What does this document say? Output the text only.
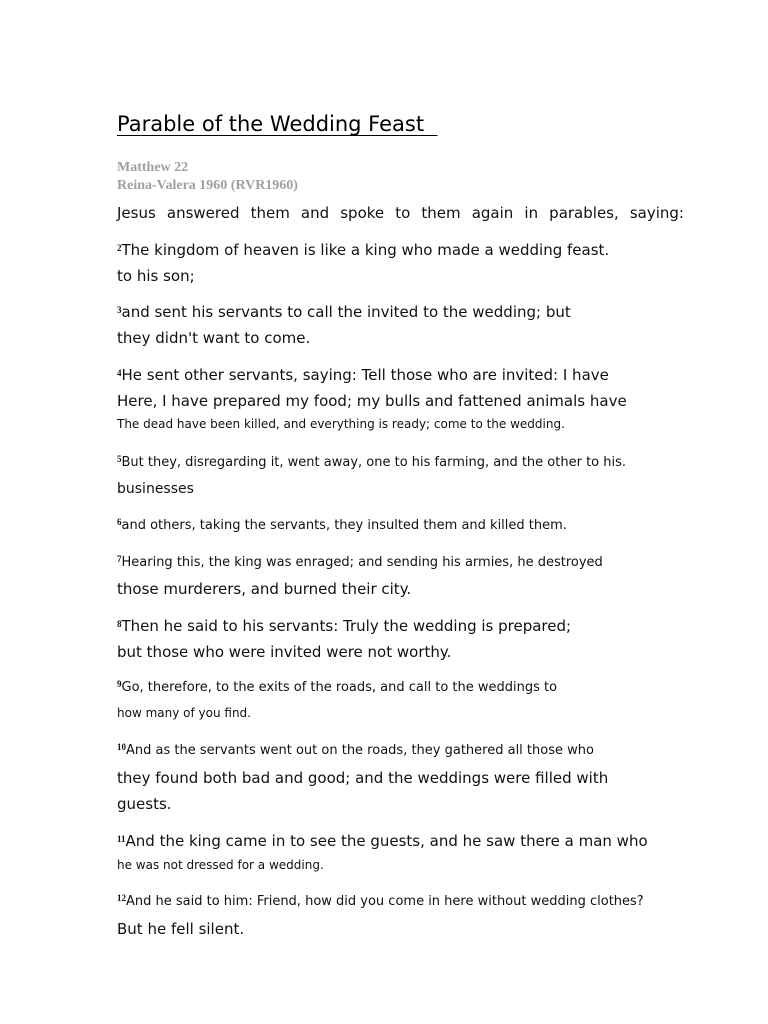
Parable of the Wedding Feast
Matthew 22
Reina-Valera 1960 (RVR1960)
Jesus answered them and spoke to them again in parables, saying:
$^2$The kingdom of heaven is like a king who made a wedding feast.
to his son;
$^3$and sent his servants to call the invited to the wedding; but
they didn't want to come.
$^4$He sent other servants, saying: Tell those who are invited: I have
Here, I have prepared my food; my bulls and fattened animals have
The dead have been killed, and everything is ready; come to the wedding.
$^5$But they, disregarding it, went away, one to his farming, and the other to his.
businesses
$^6$and others, taking the servants, they insulted them and killed them.
$^7$Hearing this, the king was enraged; and sending his armies, he destroyed
those murderers, and burned their city.
$^8$Then he said to his servants: Truly the wedding is prepared;
but those who were invited were not worthy.
$^9$Go, therefore, to the exits of the roads, and call to the weddings to
how many of you find.
$^{10}$And as the servants went out on the roads, they gathered all those who
they found both bad and good; and the weddings were filled with
guests.
$^{11}$And the king came in to see the guests, and he saw there a man who
he was not dressed for a wedding.
$^{12}$And he said to him: Friend, how did you come in here without wedding clothes?
But he fell silent.
